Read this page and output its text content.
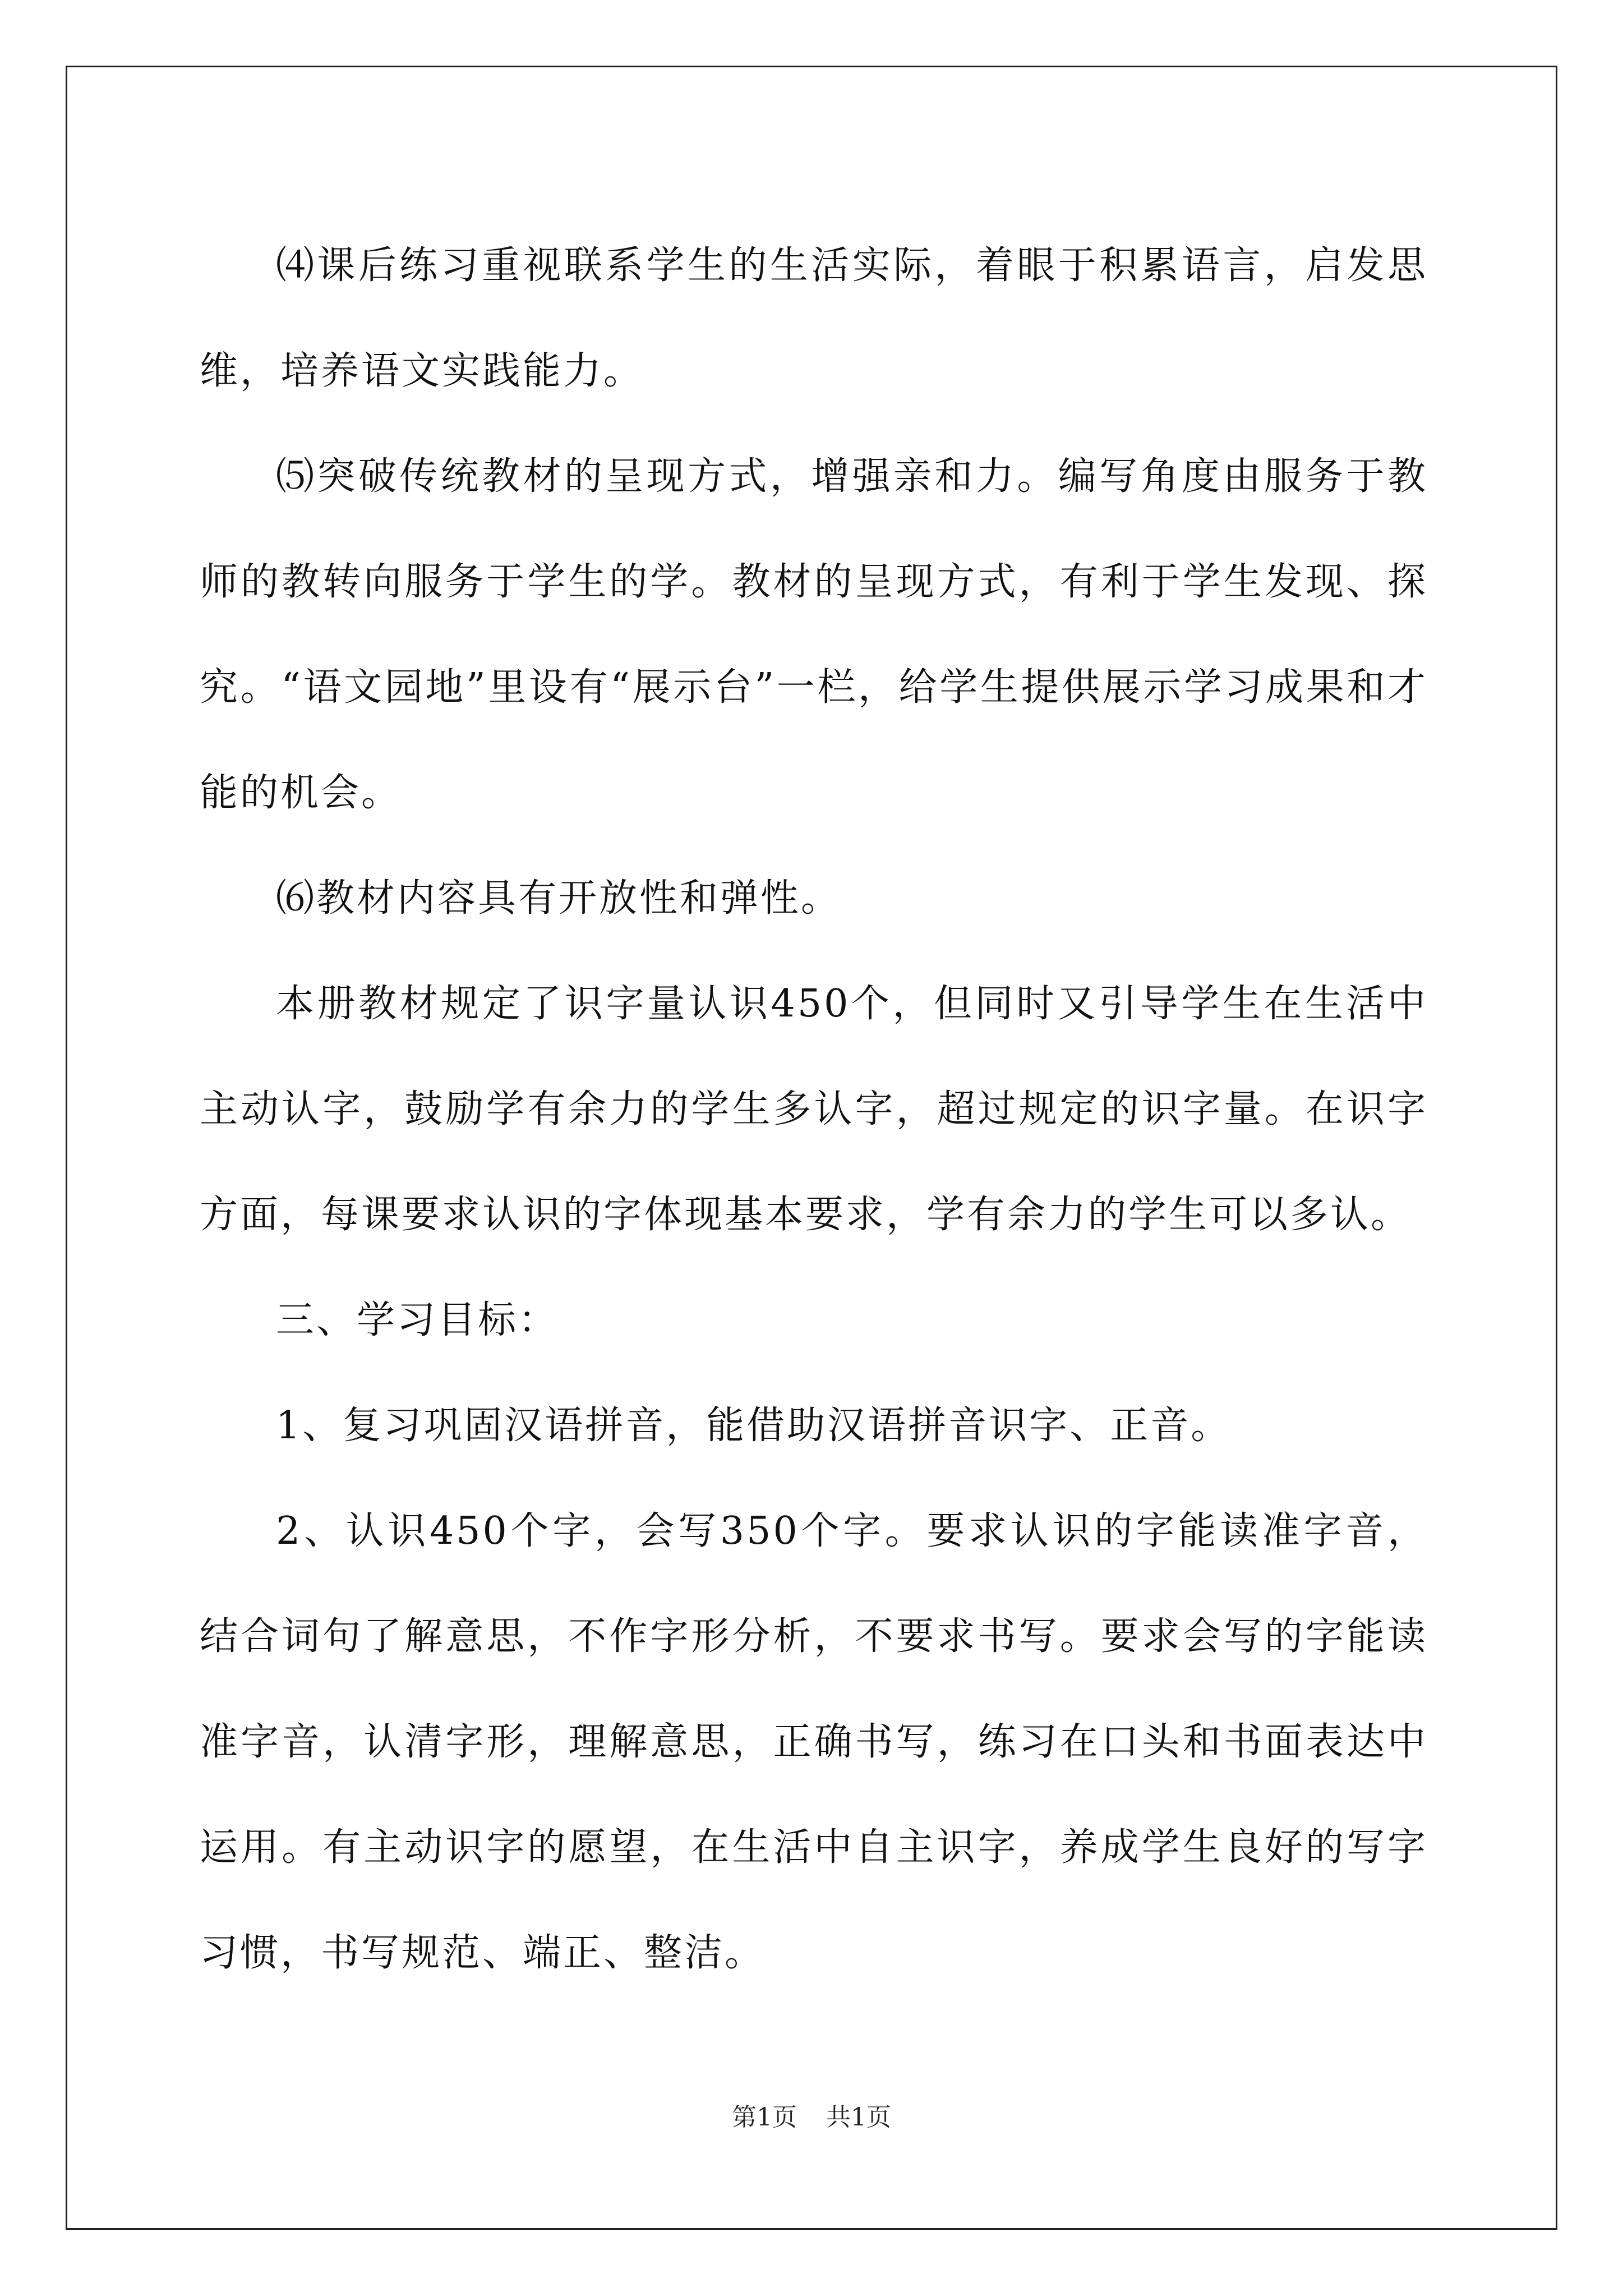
⑷课后练习重视联系学生的生活实际，着眼于积累语言，启发思维，培养语文实践能力。

⑸突破传统教材的呈现方式，增强亲和力。编写角度由服务于教师的教转向服务于学生的学。教材的呈现方式，有利于学生发现、探究。“语文园地”里设有“展示台”一栏，给学生提供展示学习成果和才能的机会。

⑹教材内容具有开放性和弹性。

本册教材规定了识字量认识450个，但同时又引导学生在生活中主动认字，鼓励学有余力的学生多认字，超过规定的识字量。在识字方面，每课要求认识的字体现基本要求，学有余力的学生可以多认。

三、学习目标：

1、复习巩固汉语拼音，能借助汉语拼音识字、正音。

2、认识450个字，会写350个字。要求认识的字能读准字音，结合词句了解意思，不作字形分析，不要求书写。要求会写的字能读准字音，认清字形，理解意思，正确书写，练习在口头和书面表达中运用。有主动识字的愿望，在生活中自主识字，养成学生良好的写字习惯，书写规范、端正、整洁。

第1页 共1页
